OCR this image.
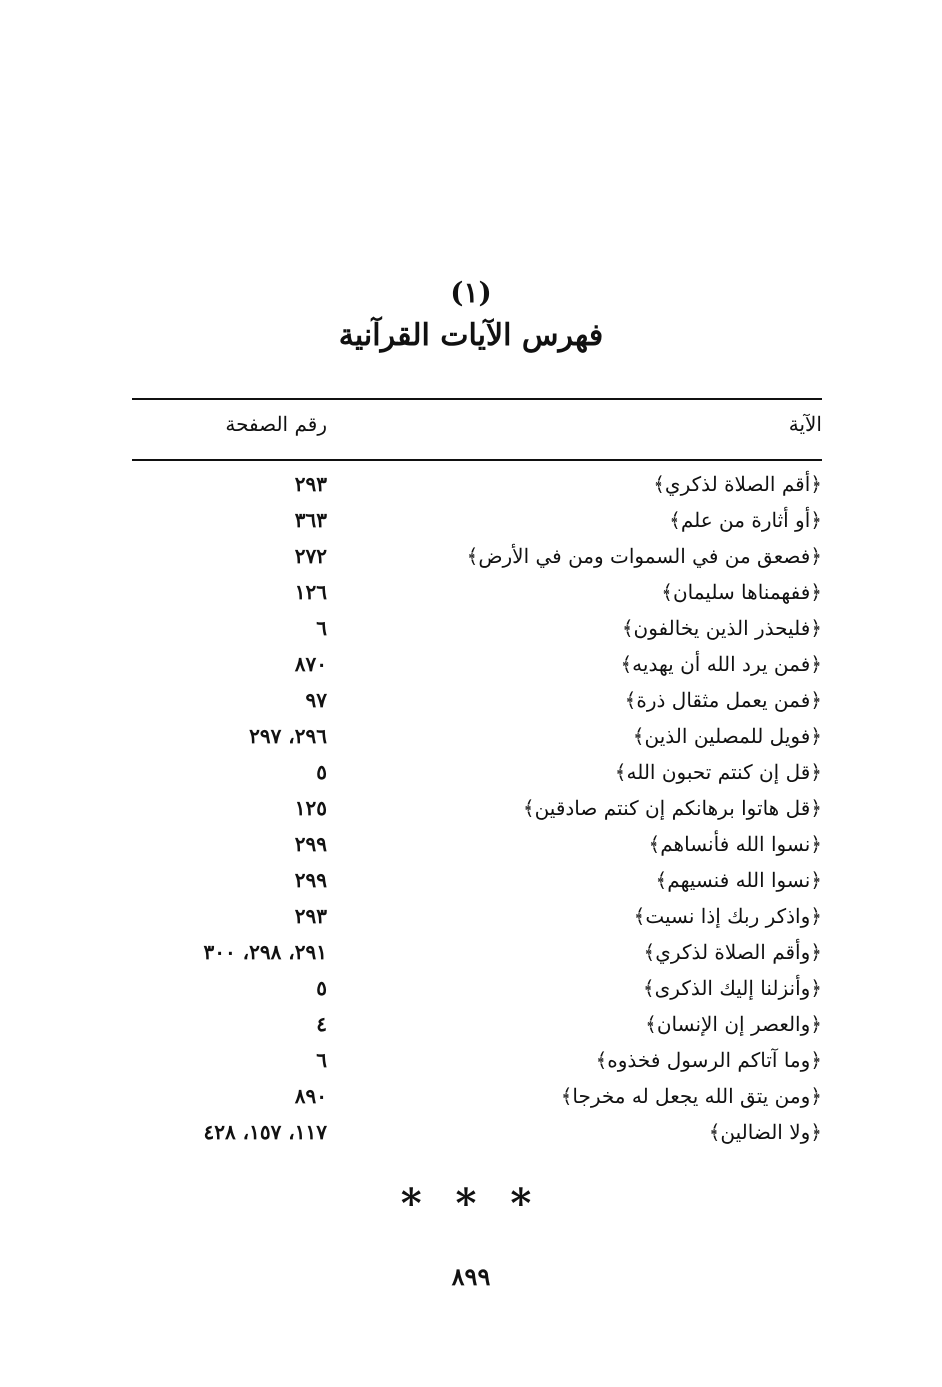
(١)
فهرس الآيات القرآنية
الآية
رقم الصفحة
﴿أقم الصلاة لذكري﴾
٢٩٣
﴿أو أثارة من علم﴾
٣٦٣
﴿فصعق من في السموات ومن في الأرض﴾
٢٧٢
﴿ففهمناها سليمان﴾
١٢٦
﴿فليحذر الذين يخالفون﴾
٦
﴿فمن يرد الله أن يهديه﴾
٨٧٠
﴿فمن يعمل مثقال ذرة﴾
٩٧
﴿فويل للمصلين الذين﴾
٢٩٦، ٢٩٧
﴿قل إن كنتم تحبون الله﴾
٥
﴿قل هاتوا برهانكم إن كنتم صادقين﴾
١٢٥
﴿نسوا الله فأنساهم﴾
٢٩٩
﴿نسوا الله فنسيهم﴾
٢٩٩
﴿واذكر ربك إذا نسيت﴾
٢٩٣
﴿وأقم الصلاة لذكري﴾
٢٩١، ٢٩٨، ٣٠٠
﴿وأنزلنا إليك الذكرى﴾
٥
﴿والعصر إن الإنسان﴾
٤
﴿وما آتاكم الرسول فخذوه﴾
٦
﴿ومن يتق الله يجعل له مخرجا﴾
٨٩٠
﴿ولا الضالين﴾
١١٧، ١٥٧، ٤٢٨
* * *
٨٩٩
